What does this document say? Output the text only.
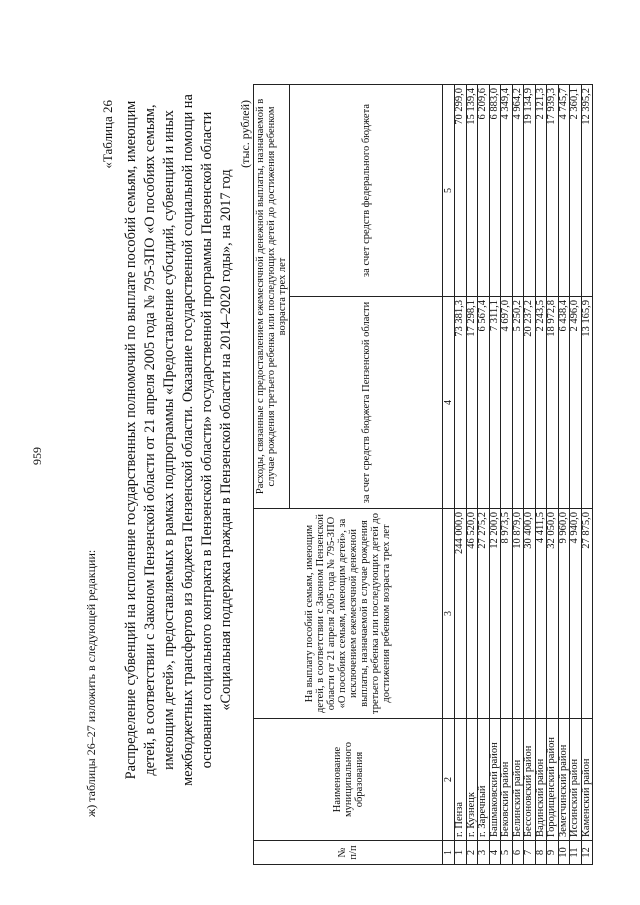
959
ж) таблицы 26–27 изложить в следующей редакции:
«Таблица 26 Распределение субвенций на исполнение государственных полномочий по выплате пособий семьям, имеющим детей, в соответствии с Законом Пензенской области от 21 апреля 2005 года № 795-ЗПО «О пособиях семьям, имеющим детей», предоставляемых в рамках подпрограммы «Предоставление субсидий, субвенций и иных межбюджетных трансфертов из бюджета Пензенской области. Оказание государственной социальной помощи на основании социального контракта в Пензенской области» государственной программы Пензенской области «Социальная поддержка граждан в Пензенской области на 2014–2020 годы», на 2017 год
(тыс. рублей)
№ п/п	Наименование муниципального образования	На выплату пособий семьям, имеющим детей, в соответствии с Законом Пензенской области от 21 апреля 2005 года № 795-ЗПО «О пособиях семьям, имеющим детей», за исключением ежемесячной денежной выплаты, назначаемой в случае рождения третьего ребенка или последующих детей до достижения ребенком возраста трех лет	Расходы, связанные с предоставлением ежемесячной денежной выплаты, назначаемой в случае рождения третьего ребенка или последующих детей до достижения ребенком возраста трех лет	
			за счет средств бюджета Пензенской области	за счет средств федерального бюджета
1	2	3	4	5
1	г. Пенза	244 000,0	73 381,3	70 299,0
2	г. Кузнецк	46 520,0	17 298,1	15 139,4
3	г. Заречный	27 275,2	6 567,4	6 209,6
4	Башмаковский район	12 200,0	7 311,1	6 883,0
5	Бековский район	8 973,5	4 697,0	4 349,4
6	Белинский район	10 879,0	5 250,2	4 964,2
7	Бессоновский район	30 400,0	20 237,2	19 134,9
8	Вадинский район	4 411,5	2 243,5	2 121,3
9	Городищенский район	32 050,0	18 972,8	17 939,3
10	Земетчинский район	9 960,0	6 438,4	4 745,7
11	Иссинский район	4 940,0	2 496,0	2 360,1
12	Каменский район	27 875,0	13 165,9	12 395,2
